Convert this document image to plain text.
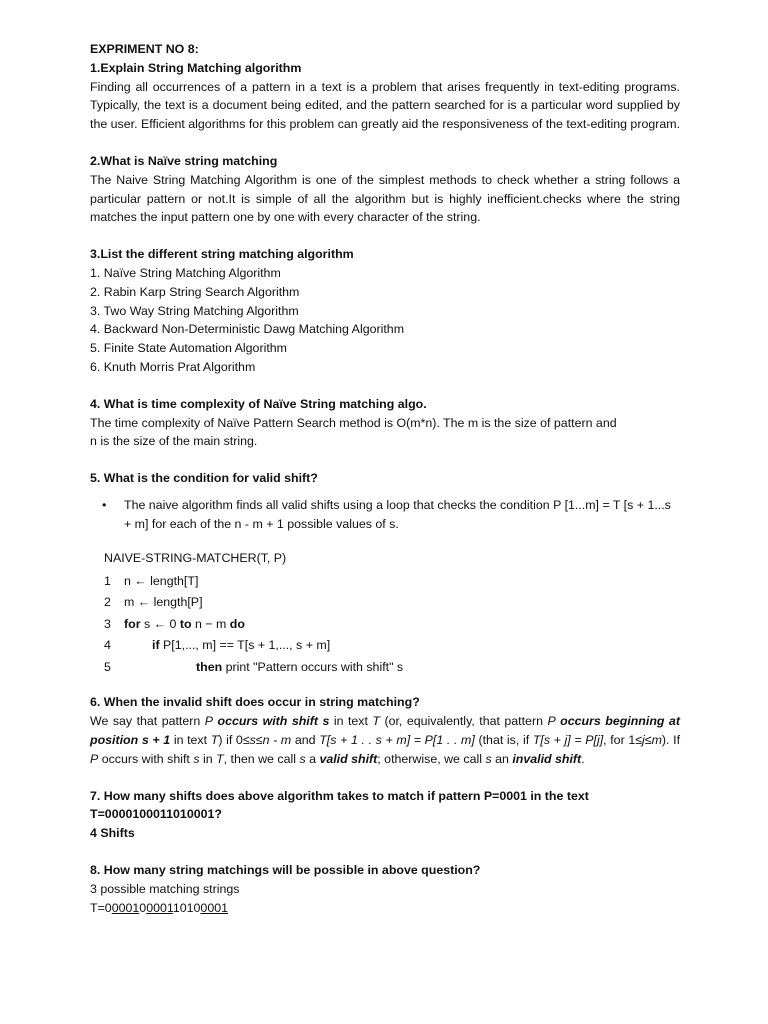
EXPRIMENT NO 8:

1.Explain String Matching algorithm

Finding all occurrences of a pattern in a text is a problem that arises frequently in text-editing programs. Typically, the text is a document being edited, and the pattern searched for is a particular word supplied by the user. Efficient algorithms for this problem can greatly aid the responsiveness of the text-editing program.

2.What is Naïve string matching

The Naive String Matching Algorithm is one of the simplest methods to check whether a string follows a particular pattern or not.It is simple of all the algorithm but is highly inefficient.checks where the string matches the input pattern one by one with every character of the string.

3.List the different string matching algorithm

1. Naïve String Matching Algorithm

2. Rabin Karp String Search Algorithm

3. Two Way String Matching Algorithm

4. Backward Non-Deterministic Dawg Matching Algorithm

5. Finite State Automation Algorithm

6. Knuth Morris Prat Algorithm

4. What is time complexity of Naïve String matching algo.

The time complexity of Naïve Pattern Search method is O(m*n). The m is the size of pattern and

n is the size of the main string.

5. What is the condition for valid shift?

• The naive algorithm finds all valid shifts using a loop that checks the condition P [1...m] = T [s + 1...s + m] for each of the n - m + 1 possible values of s.
NAIVE-STRING-MATCHER(T, P)
1	n ← length[T]
2	m ← length[P]
3	for s ← 0 to n − m do
4	if P[1,..., m] == T[s + 1,..., s + m]
5	then print "Pattern occurs with shift" s

6. When the invalid shift does occur in string matching?

We say that pattern P occurs with shift s in text T (or, equivalently, that pattern P occurs beginning at position s + 1 in text T) if 0≤s≤n - m and T[s + 1 . . s + m] = P[1 . . m] (that is, if T[s + j] = P[j], for 1≤j≤m). If P occurs with shift s in T, then we call s a valid shift; otherwise, we call s an invalid shift.

7. How many shifts does above algorithm takes to match if pattern P=0001 in the text

T=0000100011010001?

4 Shifts

8. How many string matchings will be possible in above question?

3 possible matching strings

T=000010000110100001
